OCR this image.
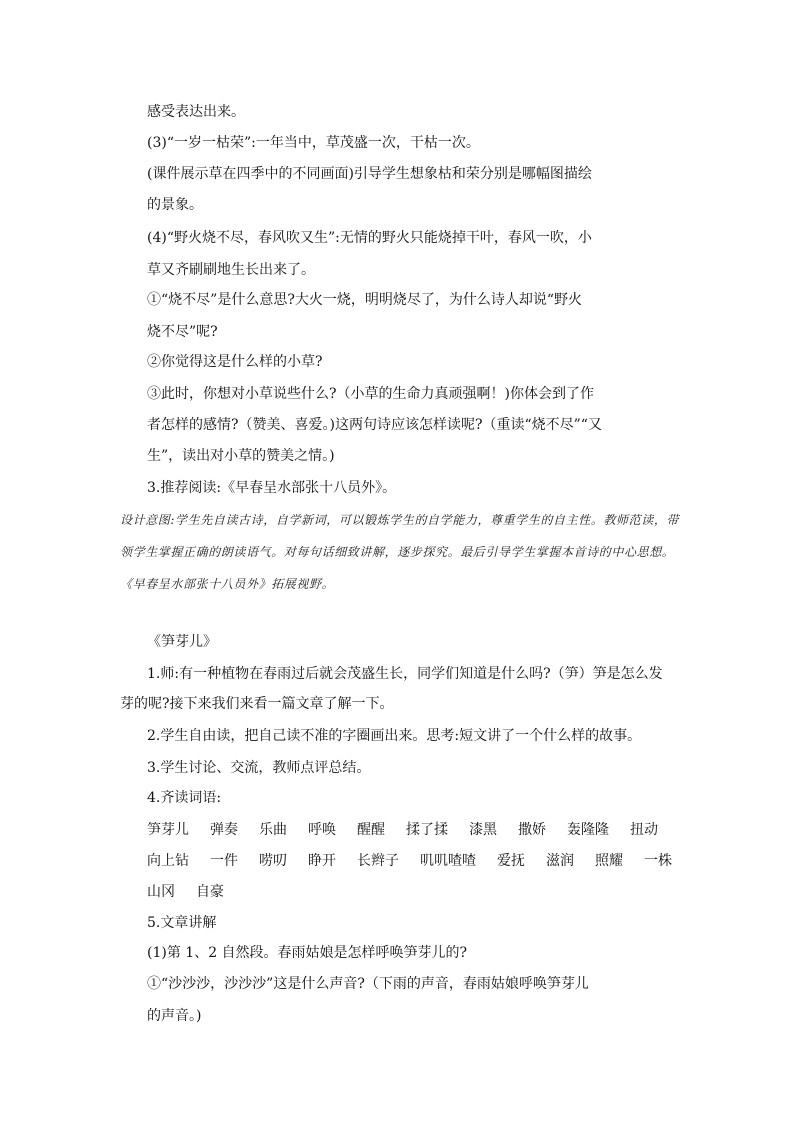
感受表达出来。

(3)“一岁一枯荣”:一年当中，草茂盛一次，干枯一次。

(课件展示草在四季中的不同画面)引导学生想象枯和荣分别是哪幅图描绘

的景象。

(4)“野火烧不尽，春风吹又生”:无情的野火只能烧掉干叶，春风一吹，小

草又齐刷刷地生长出来了。

①“烧不尽”是什么意思?大火一烧，明明烧尽了，为什么诗人却说“野火

烧不尽”呢?

②你觉得这是什么样的小草?

③此时，你想对小草说些什么?（小草的生命力真顽强啊！)你体会到了作

者怎样的感情?（赞美、喜爱。)这两句诗应该怎样读呢?（重读“烧不尽”“又

生”，读出对小草的赞美之情。)

3.推荐阅读:《早春呈水部张十八员外》。

设计意图:学生先自读古诗，自学新词，可以锻炼学生的自学能力，尊重学生的自主性。教师范读，带领学生掌握正确的朗读语气。对每句话细致讲解，逐步探究。最后引导学生掌握本首诗的中心思想。《早春呈水部张十八员外》拓展视野。

《笋芽儿》

1.师:有一种植物在春雨过后就会茂盛生长，同学们知道是什么吗?（笋）笋是怎么发

芽的呢?接下来我们来看一篇文章了解一下。

2.学生自由读，把自己读不准的字圈画出来。思考:短文讲了一个什么样的故事。

3.学生讨论、交流，教师点评总结。

4.齐读词语:

笋芽儿 弹奏 乐曲 呼唤 醒醒 揉了揉 漆黑 撒娇 轰隆隆 扭动
向上钻 一件 唠叨 睁开 长辫子 叽叽喳喳 爱抚 滋润 照耀 一株
山冈 自豪

5.文章讲解

(1)第 1、2 自然段。春雨姑娘是怎样呼唤笋芽儿的?

①“沙沙沙，沙沙沙”这是什么声音?（下雨的声音，春雨姑娘呼唤笋芽儿

的声音。)
